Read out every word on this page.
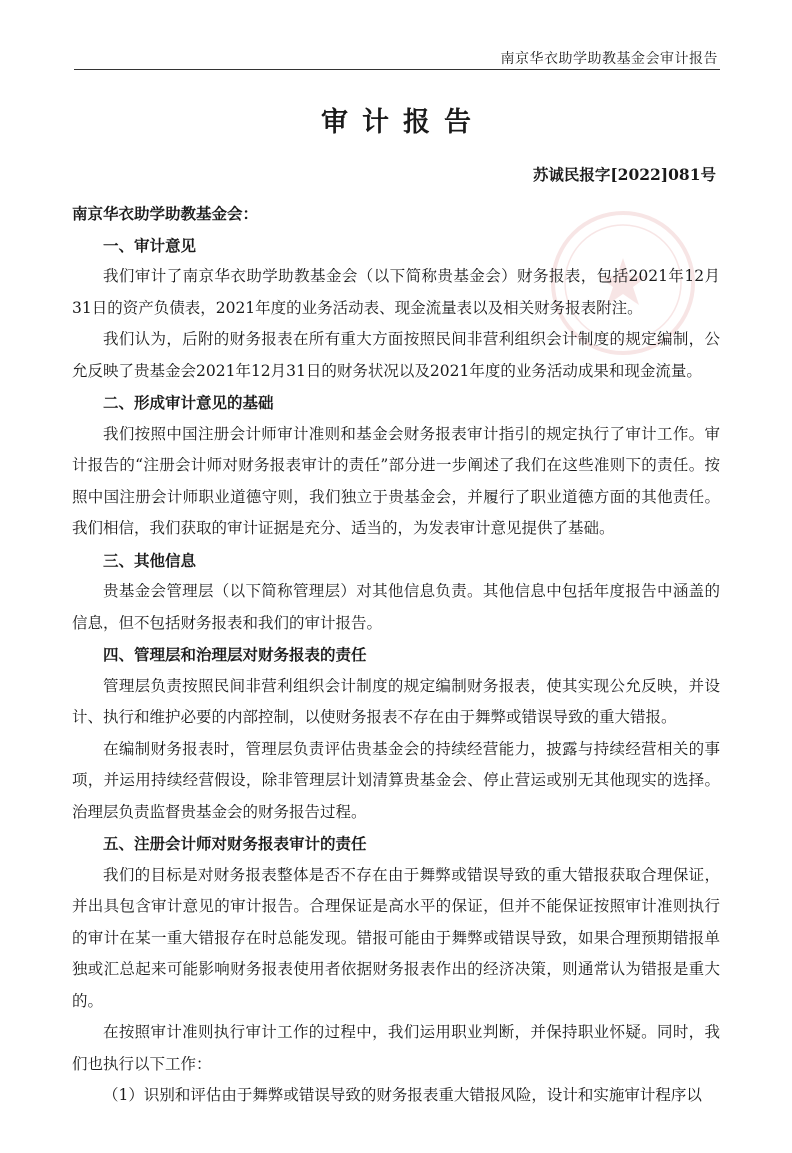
南京华衣助学助教基金会审计报告
审计报告
苏诚民报字[2022]081号

南京华衣助学助教基金会：

一、审计意见

我们审计了南京华衣助学助教基金会（以下简称贵基金会）财务报表，包括2021年12月31日的资产负债表，2021年度的业务活动表、现金流量表以及相关财务报表附注。

我们认为，后附的财务报表在所有重大方面按照民间非营利组织会计制度的规定编制，公允反映了贵基金会2021年12月31日的财务状况以及2021年度的业务活动成果和现金流量。

二、形成审计意见的基础

我们按照中国注册会计师审计准则和基金会财务报表审计指引的规定执行了审计工作。审计报告的“注册会计师对财务报表审计的责任”部分进一步阐述了我们在这些准则下的责任。按照中国注册会计师职业道德守则，我们独立于贵基金会，并履行了职业道德方面的其他责任。我们相信，我们获取的审计证据是充分、适当的，为发表审计意见提供了基础。

三、其他信息

贵基金会管理层（以下简称管理层）对其他信息负责。其他信息中包括年度报告中涵盖的信息，但不包括财务报表和我们的审计报告。

四、管理层和治理层对财务报表的责任

管理层负责按照民间非营利组织会计制度的规定编制财务报表，使其实现公允反映，并设计、执行和维护必要的内部控制，以使财务报表不存在由于舞弊或错误导致的重大错报。

在编制财务报表时，管理层负责评估贵基金会的持续经营能力，披露与持续经营相关的事项，并运用持续经营假设，除非管理层计划清算贵基金会、停止营运或别无其他现实的选择。治理层负责监督贵基金会的财务报告过程。

五、注册会计师对财务报表审计的责任

我们的目标是对财务报表整体是否不存在由于舞弊或错误导致的重大错报获取合理保证，并出具包含审计意见的审计报告。合理保证是高水平的保证，但并不能保证按照审计准则执行的审计在某一重大错报存在时总能发现。错报可能由于舞弊或错误导致，如果合理预期错报单独或汇总起来可能影响财务报表使用者依据财务报表作出的经济决策，则通常认为错报是重大的。

在按照审计准则执行审计工作的过程中，我们运用职业判断，并保持职业怀疑。同时，我们也执行以下工作：

（1）识别和评估由于舞弊或错误导致的财务报表重大错报风险，设计和实施审计程序以
